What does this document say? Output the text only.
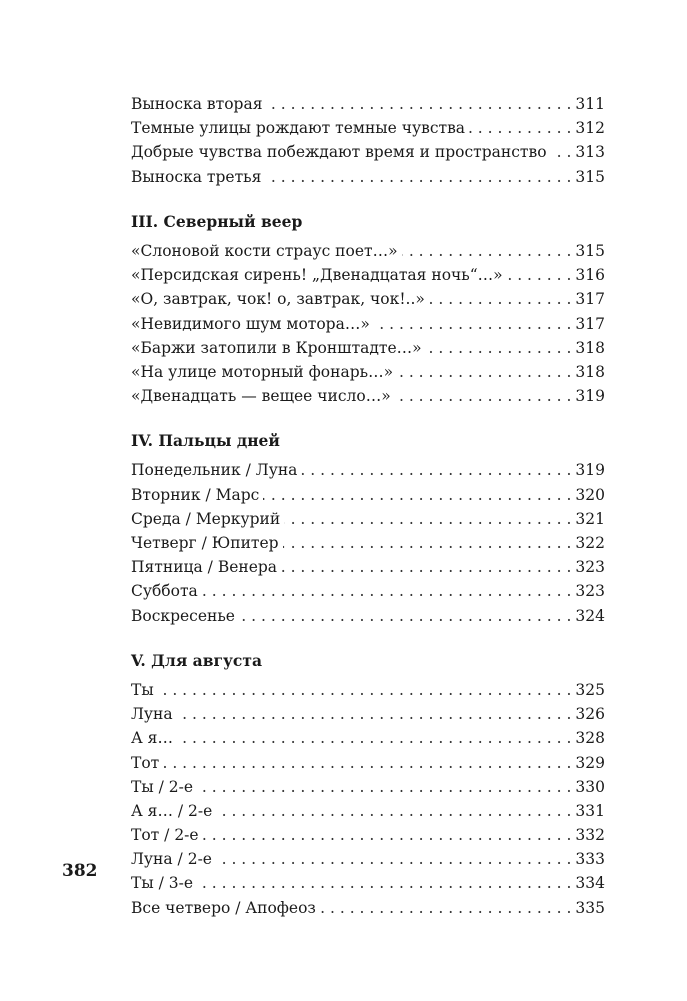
382
Выноска вторая . . .	311
Темные улицы рождают темные чувства . . .	312
Добрые чувства побеждают время и пространство . . . 313
Выноска третья . . .	315
III. Северный веер
«Слоновой кости страус поет…» . . .	315
«Персидская сирень! „Двенадцатая ночь“…» . . .	316
«О, завтрак, чок! о, завтрак, чок!..» . . .	317
«Невидимого шум мотора…» . . .	317
«Баржи затопили в Кронштадте…» . . .	318
«На улице моторный фонарь…» . . .	318
«Двенадцать — вещее число…» . . .	319
IV. Пальцы дней
Понедельник / Луна . . .	319
Вторник / Марс . . .	320
Среда / Меркурий . . .	321
Четверг / Юпитер . . .	322
Пятница / Венера . . .	323
Суббота . . .	323
Воскресенье . . .	324
V. Для августа
Ты . . .	325
Луна . . .	326
А я… . . .	328
Тот . . .	329
Ты / 2-е . . .	330
А я… / 2-е . . .	331
Тот / 2-е . . .	332
Луна / 2-е . . .	333
Ты / 3-е . . .	334
Все четверо / Апофеоз . . .	335
